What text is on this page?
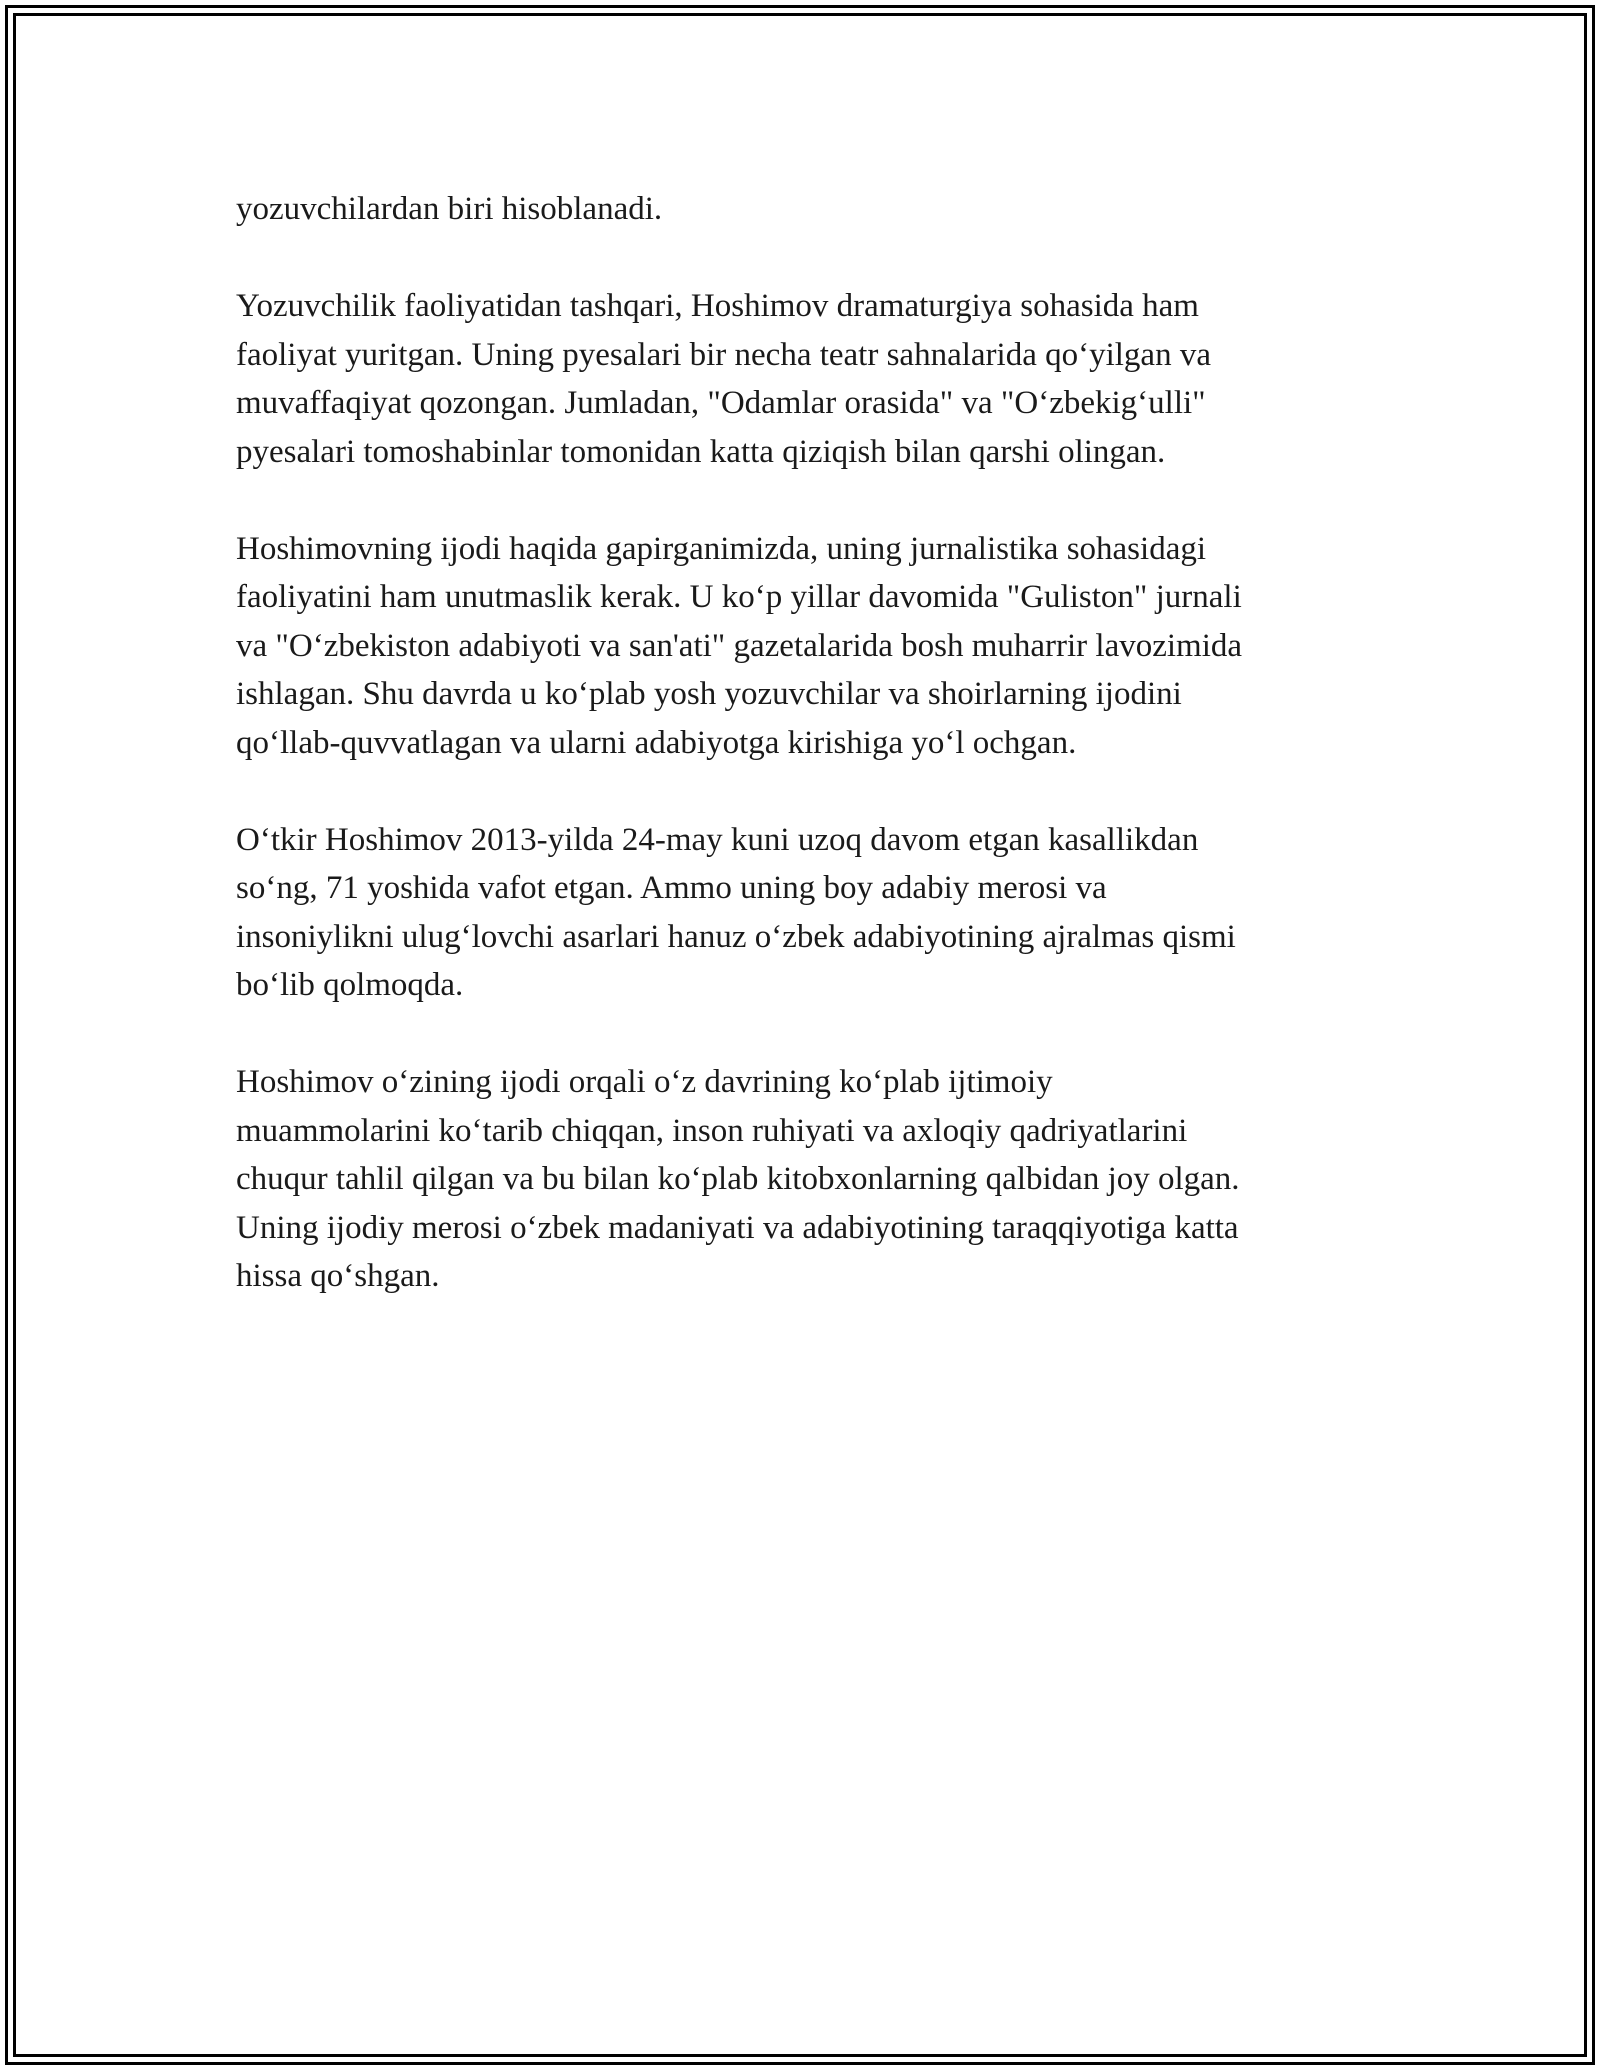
yozuvchilardan biri hisoblanadi.

Yozuvchilik faoliyatidan tashqari, Hoshimov dramaturgiya sohasida ham
faoliyat yuritgan. Uning pyesalari bir necha teatr sahnalarida qo‘yilgan va
muvaffaqiyat qozongan. Jumladan, "Odamlar orasida" va "O‘zbekig‘ulli"
pyesalari tomoshabinlar tomonidan katta qiziqish bilan qarshi olingan.

Hoshimovning ijodi haqida gapirganimizda, uning jurnalistika sohasidagi
faoliyatini ham unutmaslik kerak. U ko‘p yillar davomida "Guliston" jurnali
va "O‘zbekiston adabiyoti va san'ati" gazetalarida bosh muharrir lavozimida
ishlagan. Shu davrda u ko‘plab yosh yozuvchilar va shoirlarning ijodini
qo‘llab-quvvatlagan va ularni adabiyotga kirishiga yo‘l ochgan.

O‘tkir Hoshimov 2013-yilda 24-may kuni uzoq davom etgan kasallikdan
so‘ng, 71 yoshida vafot etgan. Ammo uning boy adabiy merosi va
insoniylikni ulug‘lovchi asarlari hanuz o‘zbek adabiyotining ajralmas qismi
bo‘lib qolmoqda.

Hoshimov o‘zining ijodi orqali o‘z davrining ko‘plab ijtimoiy
muammolarini ko‘tarib chiqqan, inson ruhiyati va axloqiy qadriyatlarini
chuqur tahlil qilgan va bu bilan ko‘plab kitobxonlarning qalbidan joy olgan.
Uning ijodiy merosi o‘zbek madaniyati va adabiyotining taraqqiyotiga katta
hissa qo‘shgan.
